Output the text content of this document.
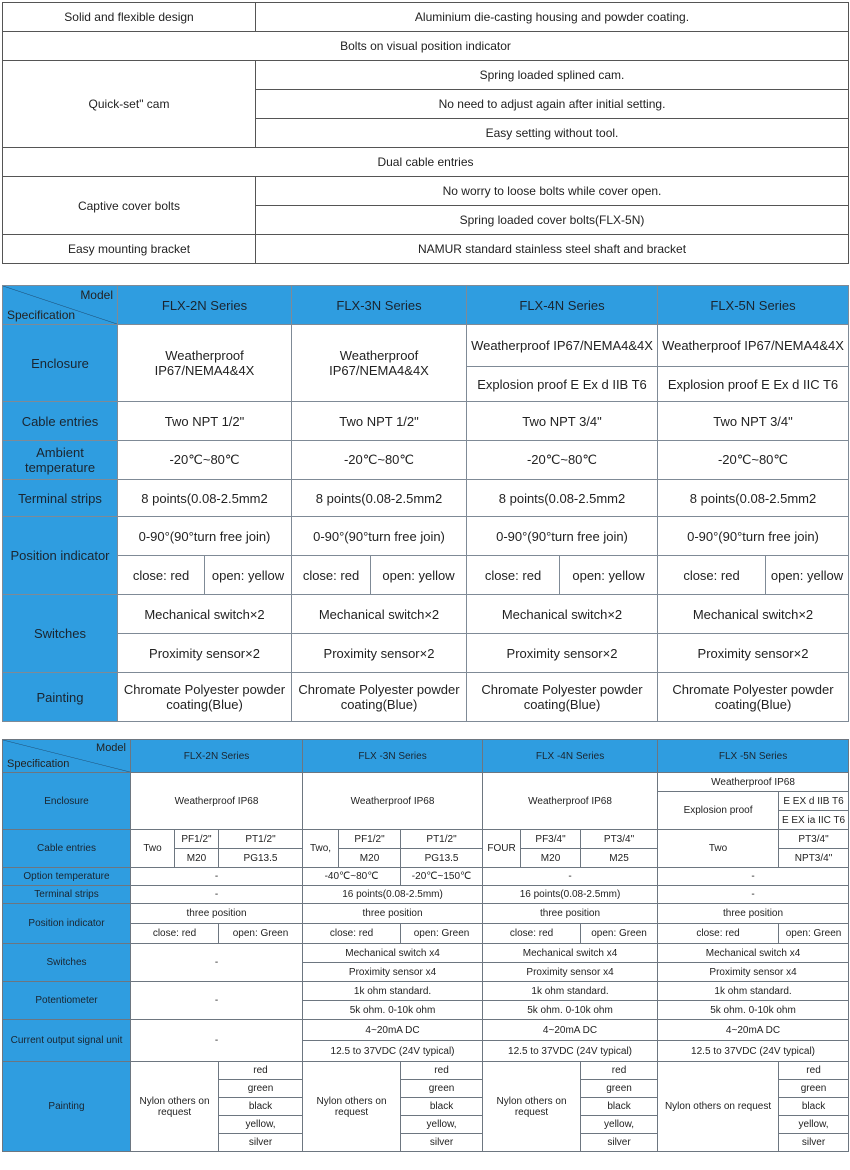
Solid and flexible design	Aluminium die-casting housing and powder coating.
Bolts on visual position indicator	
Quick-set" cam	Spring loaded splined cam.
	No need to adjust again after initial setting.
	Easy setting without tool.
Dual cable entries	
Captive cover bolts	No worry to loose bolts while cover open.
	Spring loaded cover bolts(FLX-5N)
Easy mounting bracket	NAMUR standard stainless steel shaft and bracket
Model
Specification	FLX-2N Series		FLX-3N Series		FLX-4N Series		FLX-5N Series	
Enclosure	Weatherproof IP67/NEMA4&4X		Weatherproof IP67/NEMA4&4X		Weatherproof IP67/NEMA4&4X		Weatherproof IP67/NEMA4&4X	
					Explosion proof E Ex d IIB T6		Explosion proof E Ex d IIC T6	
Cable entries	Two NPT 1/2"		Two NPT 1/2"		Two NPT 3/4"		Two NPT 3/4"	
Ambient temperature	-20℃~80℃		-20℃~80℃		-20℃~80℃		-20℃~80℃	
Terminal strips	8 points(0.08-2.5mm2		8 points(0.08-2.5mm2		8 points(0.08-2.5mm2		8 points(0.08-2.5mm2	
Position indicator	0-90°(90°turn free join)		0-90°(90°turn free join)		0-90°(90°turn free join)		0-90°(90°turn free join)	
	close: red	open: yellow	close: red	open: yellow	close: red	open: yellow	close: red	open: yellow
Switches	Mechanical switch×2		Mechanical switch×2		Mechanical switch×2		Mechanical switch×2	
	Proximity sensor×2		Proximity sensor×2		Proximity sensor×2		Proximity sensor×2	
Painting	Chromate Polyester powder coating(Blue)		Chromate Polyester powder coating(Blue)		Chromate Polyester powder coating(Blue)		Chromate Polyester powder coating(Blue)	
Model
Specification	FLX-2N Series			FLX -3N Series			FLX -4N Series			FLX -5N Series	
Enclosure	Weatherproof IP68			Weatherproof IP68			Weatherproof IP68			Weatherproof IP68	
										Explosion proof	E EX d IIB T6
											E EX ia IIC T6
Cable entries	Two	PF1/2"	PT1/2"	Two,	PF1/2"	PT1/2"	FOUR	PF3/4"	PT3/4"	Two	PT3/4"
		M20	PG13.5		M20	PG13.5		M20	M25		NPT3/4"
Option temperature	-			-40℃~80℃		-20℃~150℃	-			-	
Terminal strips	-			16 points(0.08-2.5mm)			16 points(0.08-2.5mm)			-	
Position indicator	three position			three position			three position			three position	
	close: red		open: Green	close: red		open: Green	close: red		open: Green	close: red	open: Green
Switches	-			Mechanical switch x4			Mechanical switch x4			Mechanical switch x4	
				Proximity sensor x4			Proximity sensor x4			Proximity sensor x4	
Potentiometer	-			1k ohm standard.			1k ohm standard.			1k ohm standard.	
				5k ohm. 0-10k ohm			5k ohm. 0-10k ohm			5k ohm. 0-10k ohm	
Current output signal unit	-			4~20mA DC			4~20mA DC			4~20mA DC	
				12.5 to 37VDC (24V typical)			12.5 to 37VDC (24V typical)			12.5 to 37VDC (24V typical)	
Painting	Nylon others on request		red	Nylon others on request		red	Nylon others on request		red	Nylon others on request	red
			green			green			green		green
			black			black			black		black
			yellow,			yellow,			yellow,		yellow,
			silver			silver			silver		silver
